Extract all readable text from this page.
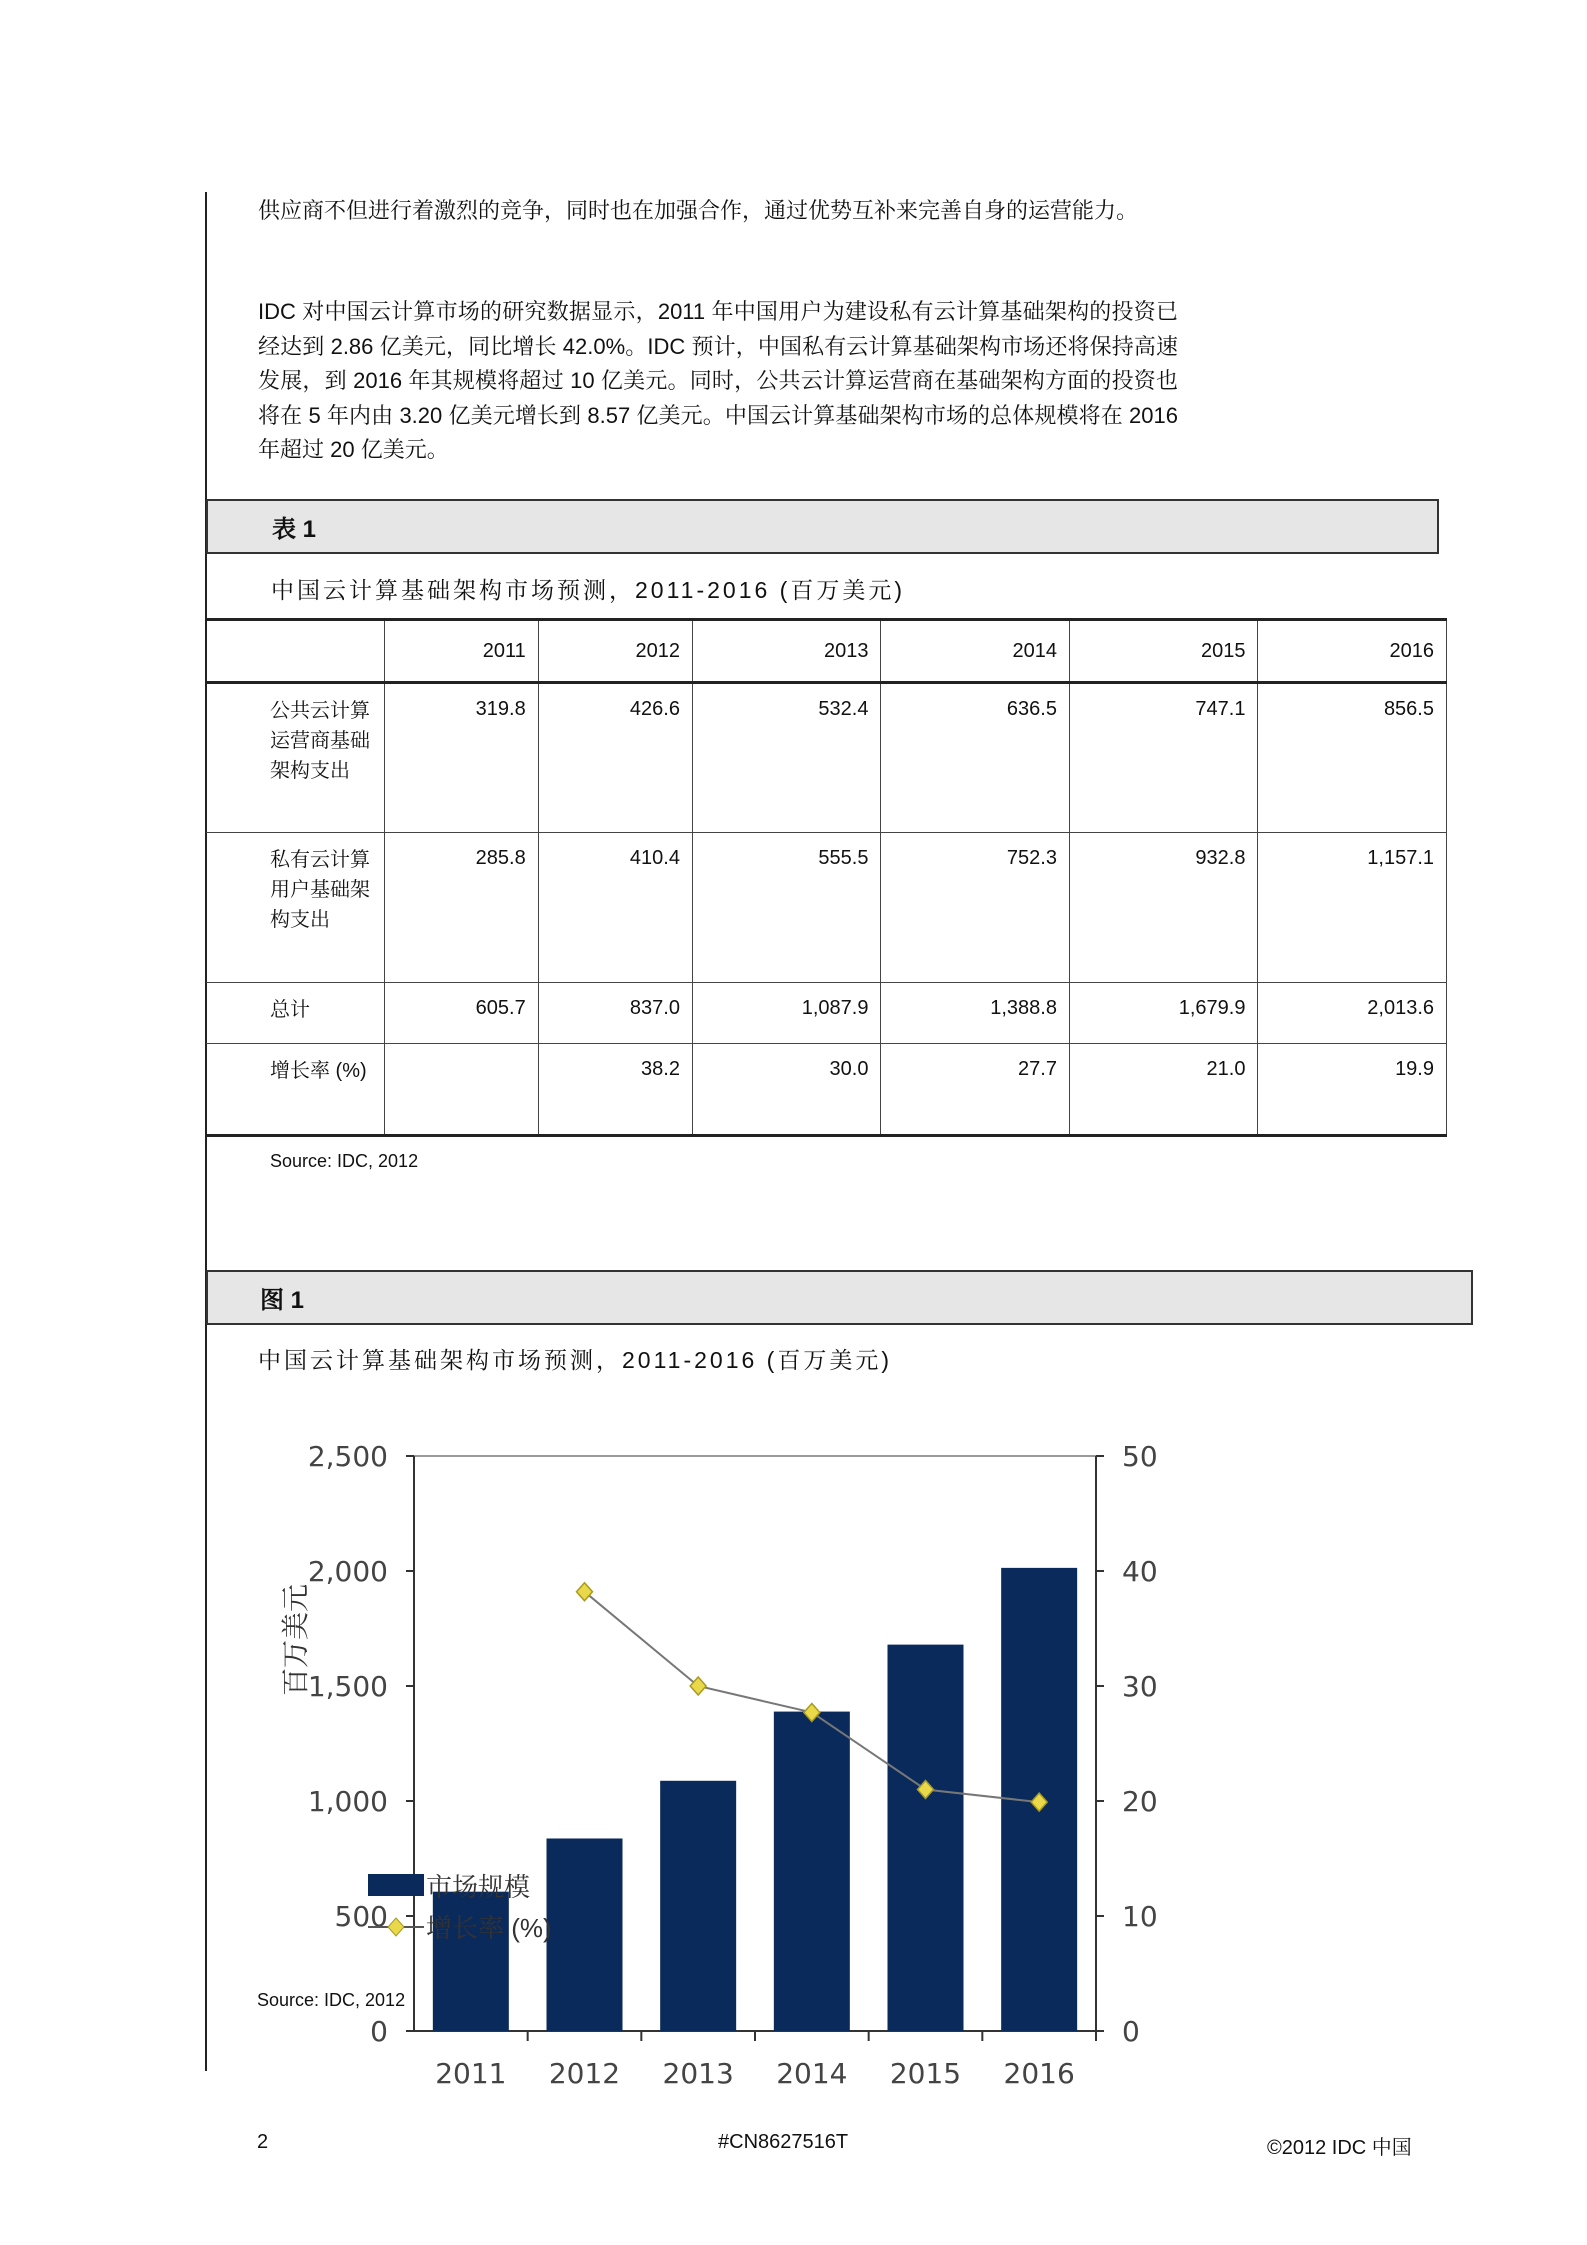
供应商不但进行着激烈的竞争，同时也在加强合作，通过优势互补来完善自身的运营能力。

IDC 对中国云计算市场的研究数据显示，2011 年中国用户为建设私有云计算基础架构的投资已经达到 2.86 亿美元，同比增长 42.0%。IDC 预计，中国私有云计算基础架构市场还将保持高速发展，到 2016 年其规模将超过 10 亿美元。同时，公共云计算运营商在基础架构方面的投资也将在 5 年内由 3.20 亿美元增长到 8.57 亿美元。中国云计算基础架构市场的总体规模将在 2016 年超过 20 亿美元。

表 1
中国云计算基础架构市场预测，2011-2016 (百万美元)
	2011	2012	2013	2014	2015	2016
公共云计算运营商基础架构支出	319.8	426.6	532.4	636.5	747.1	856.5
私有云计算用户基础架构支出	285.8	410.4	555.5	752.3	932.8	1,157.1
总计	605.7	837.0	1,087.9	1,388.8	1,679.9	2,013.6
增长率 (%)		38.2	30.0	27.7	21.0	19.9
Source: IDC, 2012
图 1
中国云计算基础架构市场预测，2011-2016 (百万美元)
0
500
1,000
1,500
2,000
2,500
0
10
20
30
40
50
2011 2012 2013 2014 2015 2016
百万美元
市场规模
增长率 (%)
Source: IDC, 2012
2	#CN8627516T	©2012 IDC 中国
